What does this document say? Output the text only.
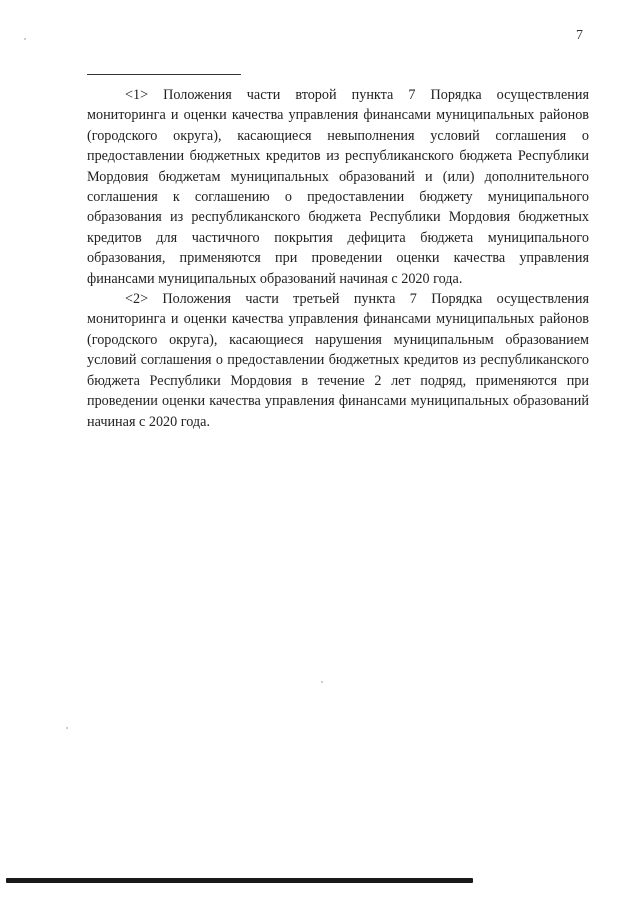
7

<1> Положения части второй пункта 7 Порядка осуществления мониторинга и оценки качества управления финансами муниципальных районов (городского округа), касающиеся невыполнения условий соглашения о предоставлении бюджетных кредитов из республиканского бюджета Республики Мордовия бюджетам муниципальных образований и (или) дополнительного соглашения к соглашению о предоставлении бюджету муниципального образования из республиканского бюджета Республики Мордовия бюджетных кредитов для частичного покрытия дефицита бюджета муниципального образования, применяются при проведении оценки качества управления финансами муниципальных образований начиная с 2020 года.

<2> Положения части третьей пункта 7 Порядка осуществления мониторинга и оценки качества управления финансами муниципальных районов (городского округа), касающиеся нарушения муниципальным образованием условий соглашения о предоставлении бюджетных кредитов из республиканского бюджета Республики Мордовия в течение 2 лет подряд, применяются при проведении оценки качества управления финансами муниципальных образований начиная с 2020 года.
